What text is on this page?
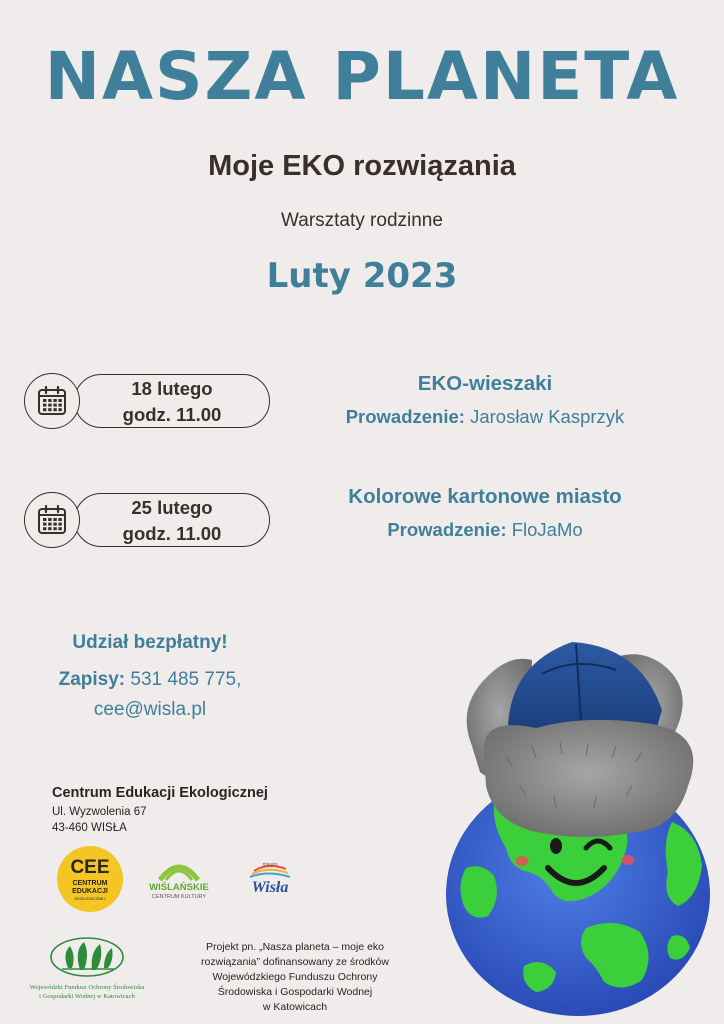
NASZA PLANETA
Moje EKO rozwiązania
Warsztaty rodzinne
Luty 2023
18 lutego
godz. 11.00
EKO-wieszaki
Prowadzenie: Jarosław Kasprzyk
25 lutego
godz. 11.00
Kolorowe kartonowe miasto
Prowadzenie: FloJaMo
Udział bezpłatny!
Zapisy: 531 485 775,
cee@wisla.pl
Centrum Edukacji Ekologicznej
Ul. Wyzwolenia 67
43-460 WISŁA
CEE
CENTRUM
EDUKACJI
EKOLOGICZNEJ
WIŚLAŃSKIE
CENTRUM KULTURY
miasto
Wisła
Wojewódzki Fundusz Ochrony Środowiska
i Gospodarki Wodnej w Katowicach
Projekt pn. „Nasza planeta – moje eko
rozwiązania” dofinansowany ze środków
Wojewódzkiego Funduszu Ochrony
Środowiska i Gospodarki Wodnej
w Katowicach
